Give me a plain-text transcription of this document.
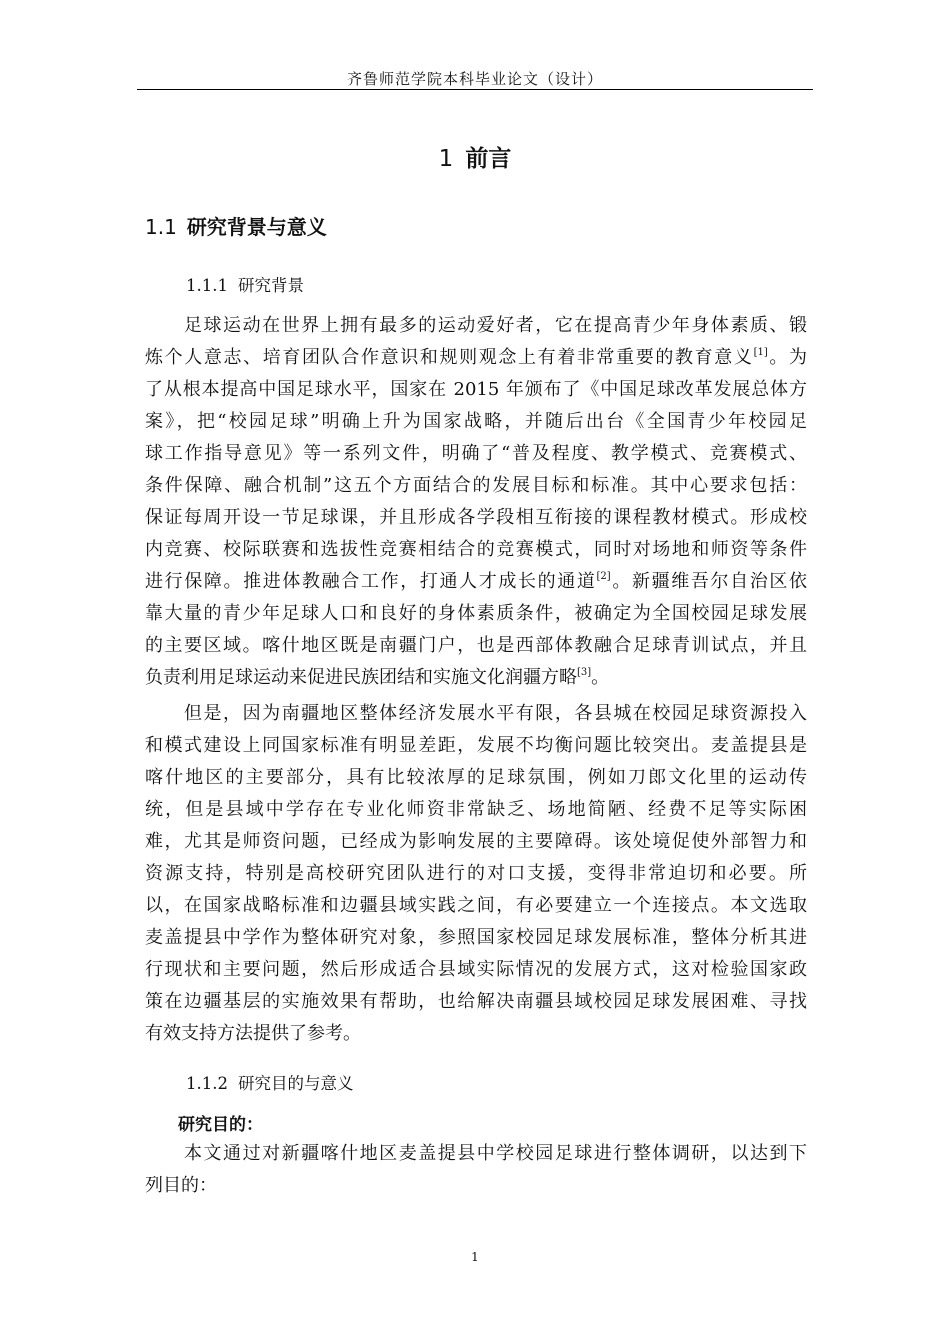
齐鲁师范学院本科毕业论文（设计）
1 前言
1.1 研究背景与意义
1.1.1 研究背景
　　足球运动在世界上拥有最多的运动爱好者，它在提高青少年身体素质、锻
炼个人意志、培育团队合作意识和规则观念上有着非常重要的教育意义[1]。为
了从根本提高中国足球水平，国家在 2015 年颁布了《中国足球改革发展总体方
案》，把“校园足球”明确上升为国家战略，并随后出台《全国青少年校园足
球工作指导意见》等一系列文件，明确了“普及程度、教学模式、竞赛模式、
条件保障、融合机制”这五个方面结合的发展目标和标准。其中心要求包括：
保证每周开设一节足球课，并且形成各学段相互衔接的课程教材模式。形成校
内竞赛、校际联赛和选拔性竞赛相结合的竞赛模式，同时对场地和师资等条件
进行保障。推进体教融合工作，打通人才成长的通道[2]。新疆维吾尔自治区依
靠大量的青少年足球人口和良好的身体素质条件，被确定为全国校园足球发展
的主要区域。喀什地区既是南疆门户，也是西部体教融合足球青训试点，并且
负责利用足球运动来促进民族团结和实施文化润疆方略[3]。
　　但是，因为南疆地区整体经济发展水平有限，各县城在校园足球资源投入
和模式建设上同国家标准有明显差距，发展不均衡问题比较突出。麦盖提县是
喀什地区的主要部分，具有比较浓厚的足球氛围，例如刀郎文化里的运动传
统，但是县域中学存在专业化师资非常缺乏、场地简陋、经费不足等实际困
难，尤其是师资问题，已经成为影响发展的主要障碍。该处境促使外部智力和
资源支持，特别是高校研究团队进行的对口支援，变得非常迫切和必要。所
以，在国家战略标准和边疆县域实践之间，有必要建立一个连接点。本文选取
麦盖提县中学作为整体研究对象，参照国家校园足球发展标准，整体分析其进
行现状和主要问题，然后形成适合县域实际情况的发展方式，这对检验国家政
策在边疆基层的实施效果有帮助，也给解决南疆县域校园足球发展困难、寻找
有效支持方法提供了参考。
1.1.2 研究目的与意义
研究目的：
　　本文通过对新疆喀什地区麦盖提县中学校园足球进行整体调研，以达到下
列目的：
1
